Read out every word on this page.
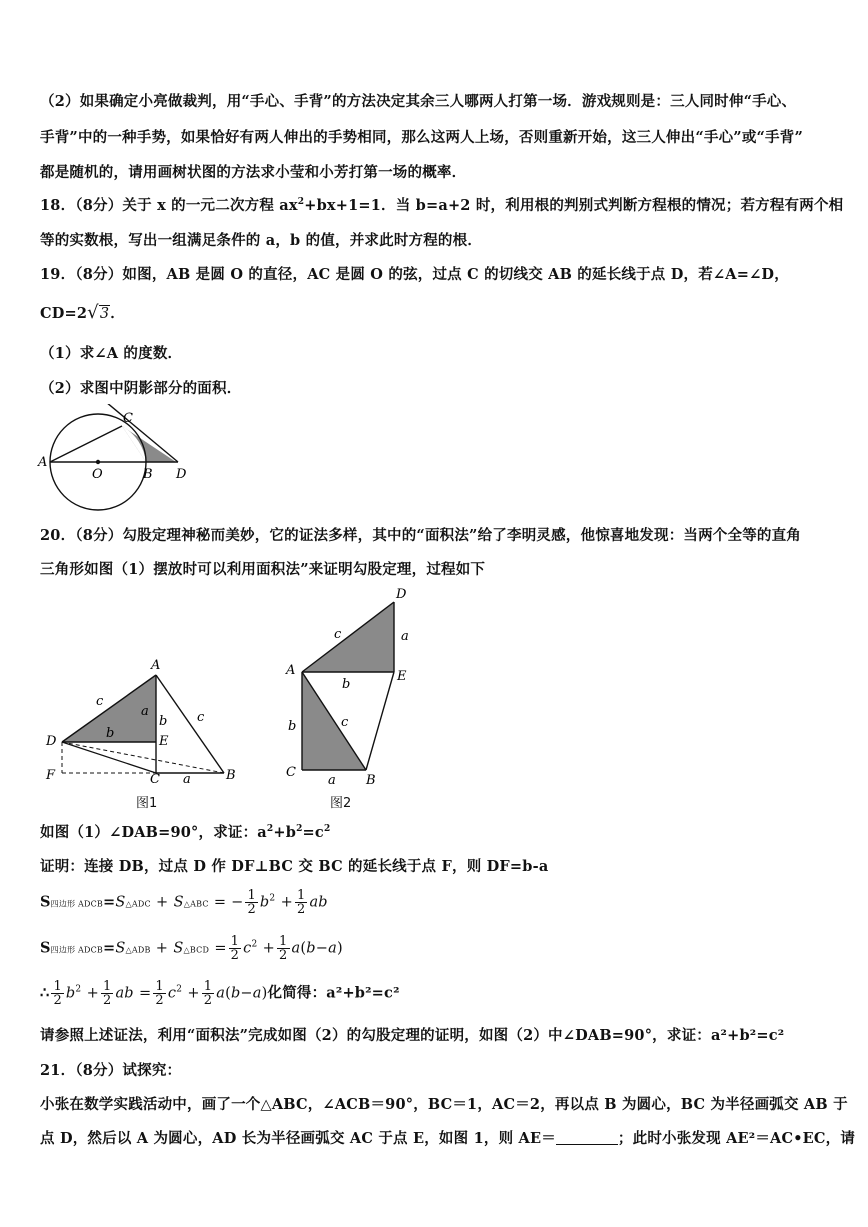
（2）如果确定小亮做裁判，用“手心、手背”的方法决定其余三人哪两人打第一场．游戏规则是：三人同时伸“手心、
手背”中的一种手势，如果恰好有两人伸出的手势相同，那么这两人上场，否则重新开始，这三人伸出“手心”或“手背”
都是随机的，请用画树状图的方法求小莹和小芳打第一场的概率．
18．（8分）关于 x 的一元二次方程 $ax^2+bx+1=1$．当 b=a+2 时，利用根的判别式判断方程根的情况；若方程有两个相
等的实数根，写出一组满足条件的 a，b 的值，并求此时方程的根．
19．（8分）如图，AB 是圆 O 的直径，AC 是圆 O 的弦，过点 C 的切线交 AB 的延长线于点 D，若∠A=∠D，
CD=2√3．
（1）求∠A 的度数．
（2）求图中阴影部分的面积．
A
O	B D
C
20．（8分）勾股定理神秘而美妙，它的证法多样，其中的“面积法”给了李明灵感，他惊喜地发现：当两个全等的直角
三角形如图（1）摆放时可以利用面积法”来证明勾股定理，过程如下
A
D	E
F	C	B
c
a
b c
b
a
图1
D
c	a
A	E
b
c
b
C
a B
图2
如图（1）∠DAB=90°，求证：$a^2+b^2=c^2$
证明：连接 DB，过点 D 作 DF⊥BC 交 BC 的延长线于点 F，则 DF=b-a
S四边形 ADCB=S△ADC + S△ABC = − $\frac{1}{2} b^2 + \frac{1}{2}$ ab
S四边形 ADCB=S△ADB + S△BCD = $\frac{1}{2} c^2 + \frac{1}{2} a(b-a)$
∴ $\frac{1}{2} b^2 + \frac{1}{2}$ ab = $\frac{1}{2} c^2 + \frac{1}{2} a(b-a)$化简得：a²+b²=c²
请参照上述证法，利用“面积法”完成如图（2）的勾股定理的证明，如图（2）中∠DAB=90°，求证：a²+b²=c²
21．（8分）试探究：
小张在数学实践活动中，画了一个△ABC，∠ACB＝90°，BC＝1，AC＝2，再以点 B 为圆心，BC 为半径画弧交 AB 于
点 D，然后以 A 为圆心，AD 长为半径画弧交 AC 于点 E，如图 1，则 AE＝	；此时小张发现 AE²＝AC•EC，请
